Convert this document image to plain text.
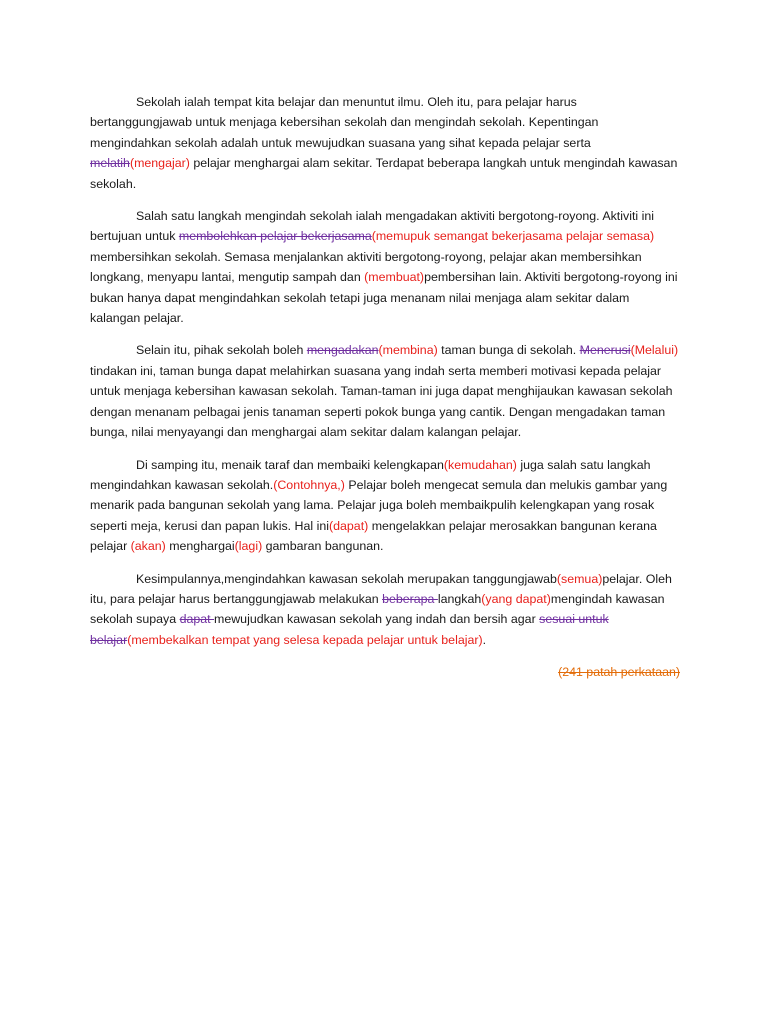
Sekolah ialah tempat kita belajar dan menuntut ilmu. Oleh itu, para pelajar harus bertanggungjawab untuk menjaga kebersihan sekolah dan mengindah sekolah. Kepentingan mengindahkan sekolah adalah untuk mewujudkan suasana yang sihat kepada pelajar serta melatih(mengajar) pelajar menghargai alam sekitar. Terdapat beberapa langkah untuk mengindah kawasan sekolah.

Salah satu langkah mengindah sekolah ialah mengadakan aktiviti bergotong-royong. Aktiviti ini bertujuan untuk membolehkan pelajar bekerjasama(memupuk semangat bekerjasama pelajar semasa) membersihkan sekolah. Semasa menjalankan aktiviti bergotong-royong, pelajar akan membersihkan longkang, menyapu lantai, mengutip sampah dan (membuat)pembersihan lain. Aktiviti bergotong-royong ini bukan hanya dapat mengindahkan sekolah tetapi juga menanam nilai menjaga alam sekitar dalam kalangan pelajar.

Selain itu, pihak sekolah boleh mengadakan(membina) taman bunga di sekolah. Menerusi(Melalui) tindakan ini, taman bunga dapat melahirkan suasana yang indah serta memberi motivasi kepada pelajar untuk menjaga kebersihan kawasan sekolah. Taman-taman ini juga dapat menghijaukan kawasan sekolah dengan menanam pelbagai jenis tanaman seperti pokok bunga yang cantik. Dengan mengadakan taman bunga, nilai menyayangi dan menghargai alam sekitar dalam kalangan pelajar.

Di samping itu, menaik taraf dan membaiki kelengkapan(kemudahan) juga salah satu langkah mengindahkan kawasan sekolah.(Contohnya,) Pelajar boleh mengecat semula dan melukis gambar yang menarik pada bangunan sekolah yang lama. Pelajar juga boleh membaikpulih kelengkapan yang rosak seperti meja, kerusi dan papan lukis. Hal ini(dapat) mengelakkan pelajar merosakkan bangunan kerana pelajar (akan) menghargai(lagi) gambaran bangunan.

Kesimpulannya,mengindahkan kawasan sekolah merupakan tanggungjawab(semua)pelajar. Oleh itu, para pelajar harus bertanggungjawab melakukan beberapa langkah(yang dapat)mengindah kawasan sekolah supaya dapat mewujudkan kawasan sekolah yang indah dan bersih agar sesuai untuk belajar(membekalkan tempat yang selesa kepada pelajar untuk belajar).

(241 patah perkataan)
